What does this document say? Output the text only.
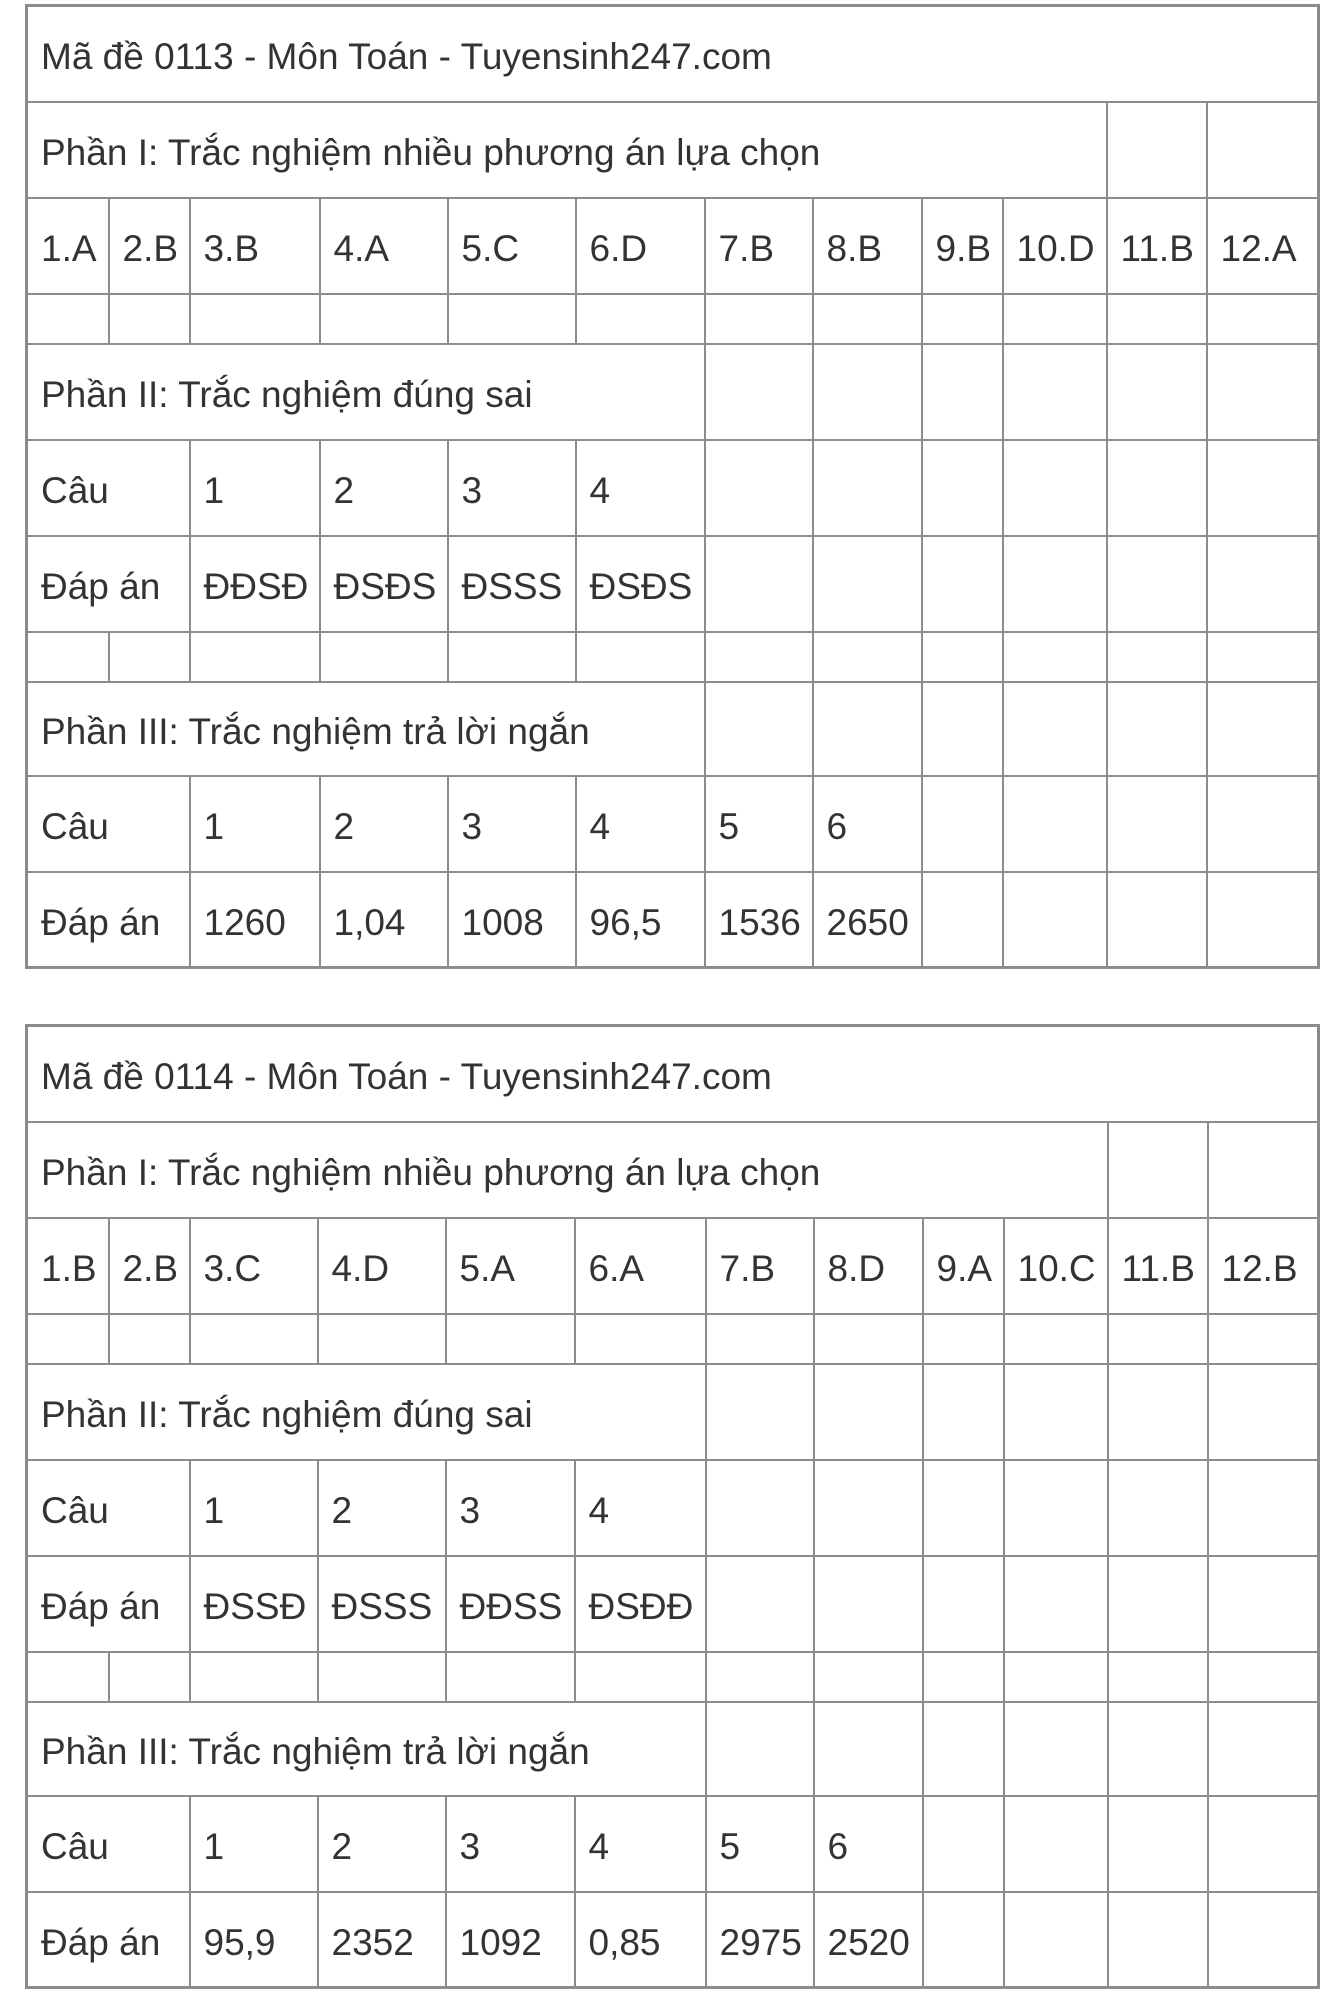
Mã đề 0113 - Môn Toán - Tuyensinh247.com											
Phần I: Trắc nghiệm nhiều phương án lựa chọn											
1.A	2.B	3.B	4.A	5.C	6.D	7.B	8.B	9.B	10.D	11.B	12.A

Phần II: Trắc nghiệm đúng sai											
Câu		1	2	3	4						
Đáp án		ĐĐSĐ	ĐSĐS	ĐSSS	ĐSĐS						

Phần III: Trắc nghiệm trả lời ngắn											
Câu		1	2	3	4	5	6				
Đáp án		1260	1,04	1008	96,5	1536	2650				
Mã đề 0114 - Môn Toán - Tuyensinh247.com											
Phần I: Trắc nghiệm nhiều phương án lựa chọn											
1.B	2.B	3.C	4.D	5.A	6.A	7.B	8.D	9.A	10.C	11.B	12.B

Phần II: Trắc nghiệm đúng sai											
Câu		1	2	3	4						
Đáp án		ĐSSĐ	ĐSSS	ĐĐSS	ĐSĐĐ						

Phần III: Trắc nghiệm trả lời ngắn											
Câu		1	2	3	4	5	6				
Đáp án		95,9	2352	1092	0,85	2975	2520				
